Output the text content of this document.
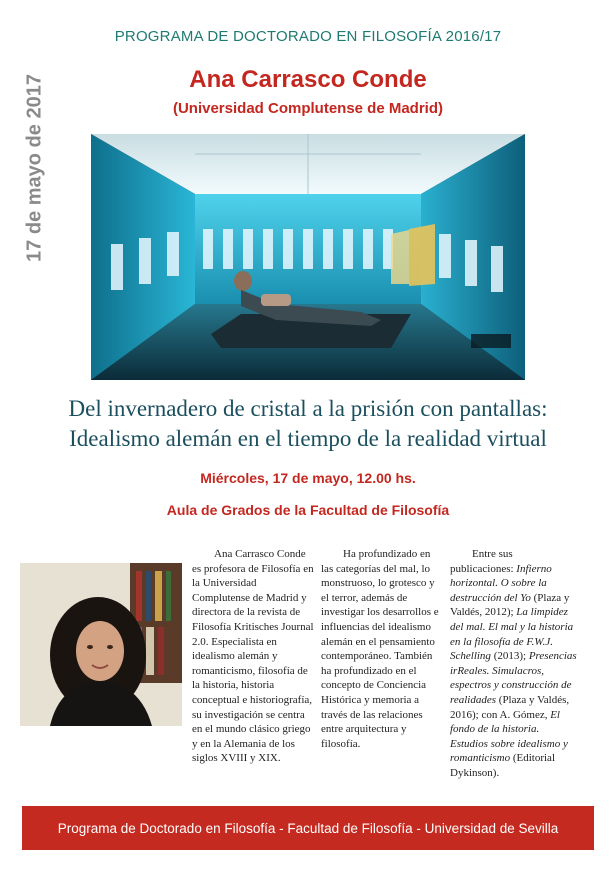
PROGRAMA DE DOCTORADO EN FILOSOFÍA 2016/17
17 de mayo de 2017	Ana Carrasco Conde
(Universidad Complutense de Madrid)
Del invernadero de cristal a la prisión con pantallas:
Idealismo alemán en el tiempo de la realidad virtual
Miércoles, 17 de mayo, 12.00 hs.
Aula de Grados de la Facultad de Filosofía
Ana Carrasco Conde es profesora de Filosofía en la Universidad Complutense de Madrid y directora de la revista de Filosofía Kritisches Journal 2.0. Especialista en idealismo alemán y romanticismo, filosofía de la historia, historia conceptual e historiografía, su investigación se centra en el mundo clásico griego y en la Alemania de los siglos XVIII y XIX.
Ha profundizado en las categorías del mal, lo monstruoso, lo grotesco y el terror, además de investigar los desarrollos e influencias del idealismo alemán en el pensamiento contemporáneo. También ha profundizado en el concepto de Conciencia Histórica y memoria a través de las relaciones entre arquitectura y filosofía.
Entre sus publicaciones: Infierno horizontal. O sobre la destrucción del Yo (Plaza y Valdés, 2012); La limpidez del mal. El mal y la historia en la filosofía de F.W.J. Schelling (2013); Presencias irReales. Simulacros, espectros y construcción de realidades (Plaza y Valdés, 2016); con A. Gómez, El fondo de la historia. Estudios sobre idealismo y romanticismo (Editorial Dykinson).
Programa de Doctorado en Filosofía - Facultad de Filosofía - Universidad de Sevilla
